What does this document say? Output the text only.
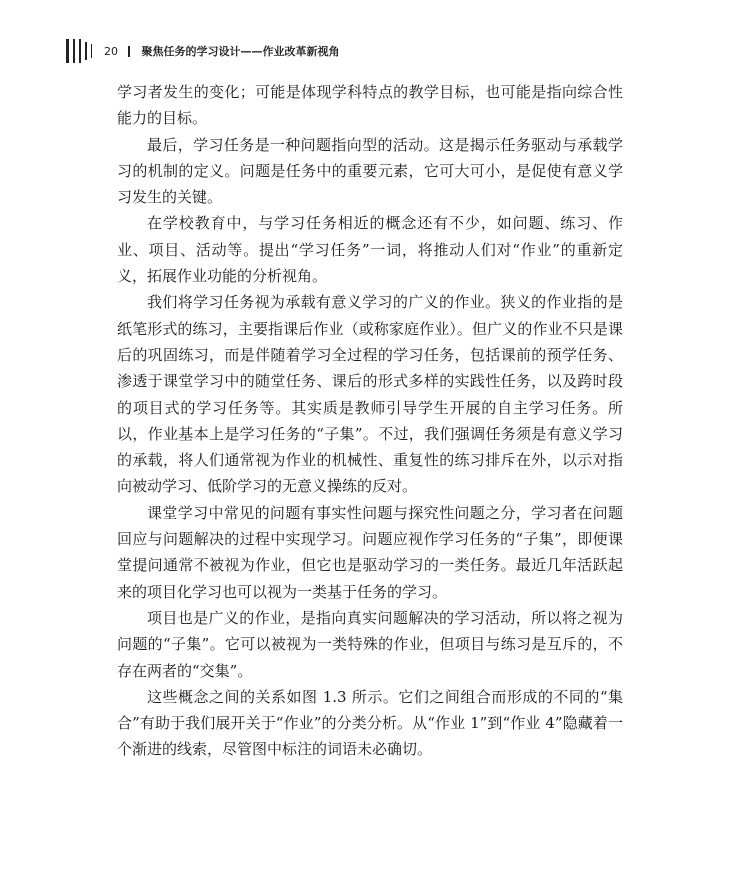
20 聚焦任务的学习设计——作业改革新视角

学习者发生的变化；可能是体现学科特点的教学目标，也可能是指向综合性能力的目标。

最后，学习任务是一种问题指向型的活动。这是揭示任务驱动与承载学习的机制的定义。问题是任务中的重要元素，它可大可小，是促使有意义学习发生的关键。

在学校教育中，与学习任务相近的概念还有不少，如问题、练习、作业、项目、活动等。提出“学习任务”一词，将推动人们对“作业”的重新定义，拓展作业功能的分析视角。

我们将学习任务视为承载有意义学习的广义的作业。狭义的作业指的是纸笔形式的练习，主要指课后作业（或称家庭作业）。但广义的作业不只是课后的巩固练习，而是伴随着学习全过程的学习任务，包括课前的预学任务、渗透于课堂学习中的随堂任务、课后的形式多样的实践性任务，以及跨时段的项目式的学习任务等。其实质是教师引导学生开展的自主学习任务。所以，作业基本上是学习任务的“子集”。不过，我们强调任务须是有意义学习的承载，将人们通常视为作业的机械性、重复性的练习排斥在外，以示对指向被动学习、低阶学习的无意义操练的反对。

课堂学习中常见的问题有事实性问题与探究性问题之分，学习者在问题回应与问题解决的过程中实现学习。问题应视作学习任务的“子集”，即便课堂提问通常不被视为作业，但它也是驱动学习的一类任务。最近几年活跃起来的项目化学习也可以视为一类基于任务的学习。

项目也是广义的作业，是指向真实问题解决的学习活动，所以将之视为问题的“子集”。它可以被视为一类特殊的作业，但项目与练习是互斥的，不存在两者的“交集”。

这些概念之间的关系如图 1.3 所示。它们之间组合而形成的不同的“集合”有助于我们展开关于“作业”的分类分析。从“作业 1”到“作业 4”隐藏着一个渐进的线索，尽管图中标注的词语未必确切。
